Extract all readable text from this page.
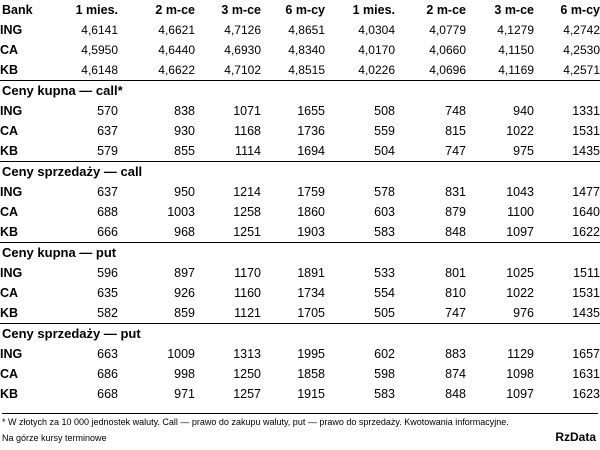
Bank	1 mies.	2 m-ce	3 m-ce	6 m-cy	1 mies.	2 m-ce	3 m-ce	6 m-cy
ING	4,6141	4,6621	4,7126	4,8651	4,0304	4,0779	4,1279	4,2742
CA	4,5950	4,6440	4,6930	4,8340	4,0170	4,0660	4,1150	4,2530
KB	4,6148	4,6622	4,7102	4,8515	4,0226	4,0696	4,1169	4,2571
Ceny kupna — call*								
ING	570	838	1071	1655	508	748	940	1331
CA	637	930	1168	1736	559	815	1022	1531
KB	579	855	1114	1694	504	747	975	1435
Ceny sprzedaży — call								
ING	637	950	1214	1759	578	831	1043	1477
CA	688	1003	1258	1860	603	879	1100	1640
KB	666	968	1251	1903	583	848	1097	1622
Ceny kupna — put								
ING	596	897	1170	1891	533	801	1025	1511
CA	635	926	1160	1734	554	810	1022	1531
KB	582	859	1121	1705	505	747	976	1435
Ceny sprzedaży — put								
ING	663	1009	1313	1995	602	883	1129	1657
CA	686	998	1250	1858	598	874	1098	1631
KB	668	971	1257	1915	583	848	1097	1623
* W złotych za 10 000 jednostek waluty. Call — prawo do zakupu waluty, put — prawo do sprzedaży. Kwotowania informacyjne.
Na górze kursy terminowe	RzData
